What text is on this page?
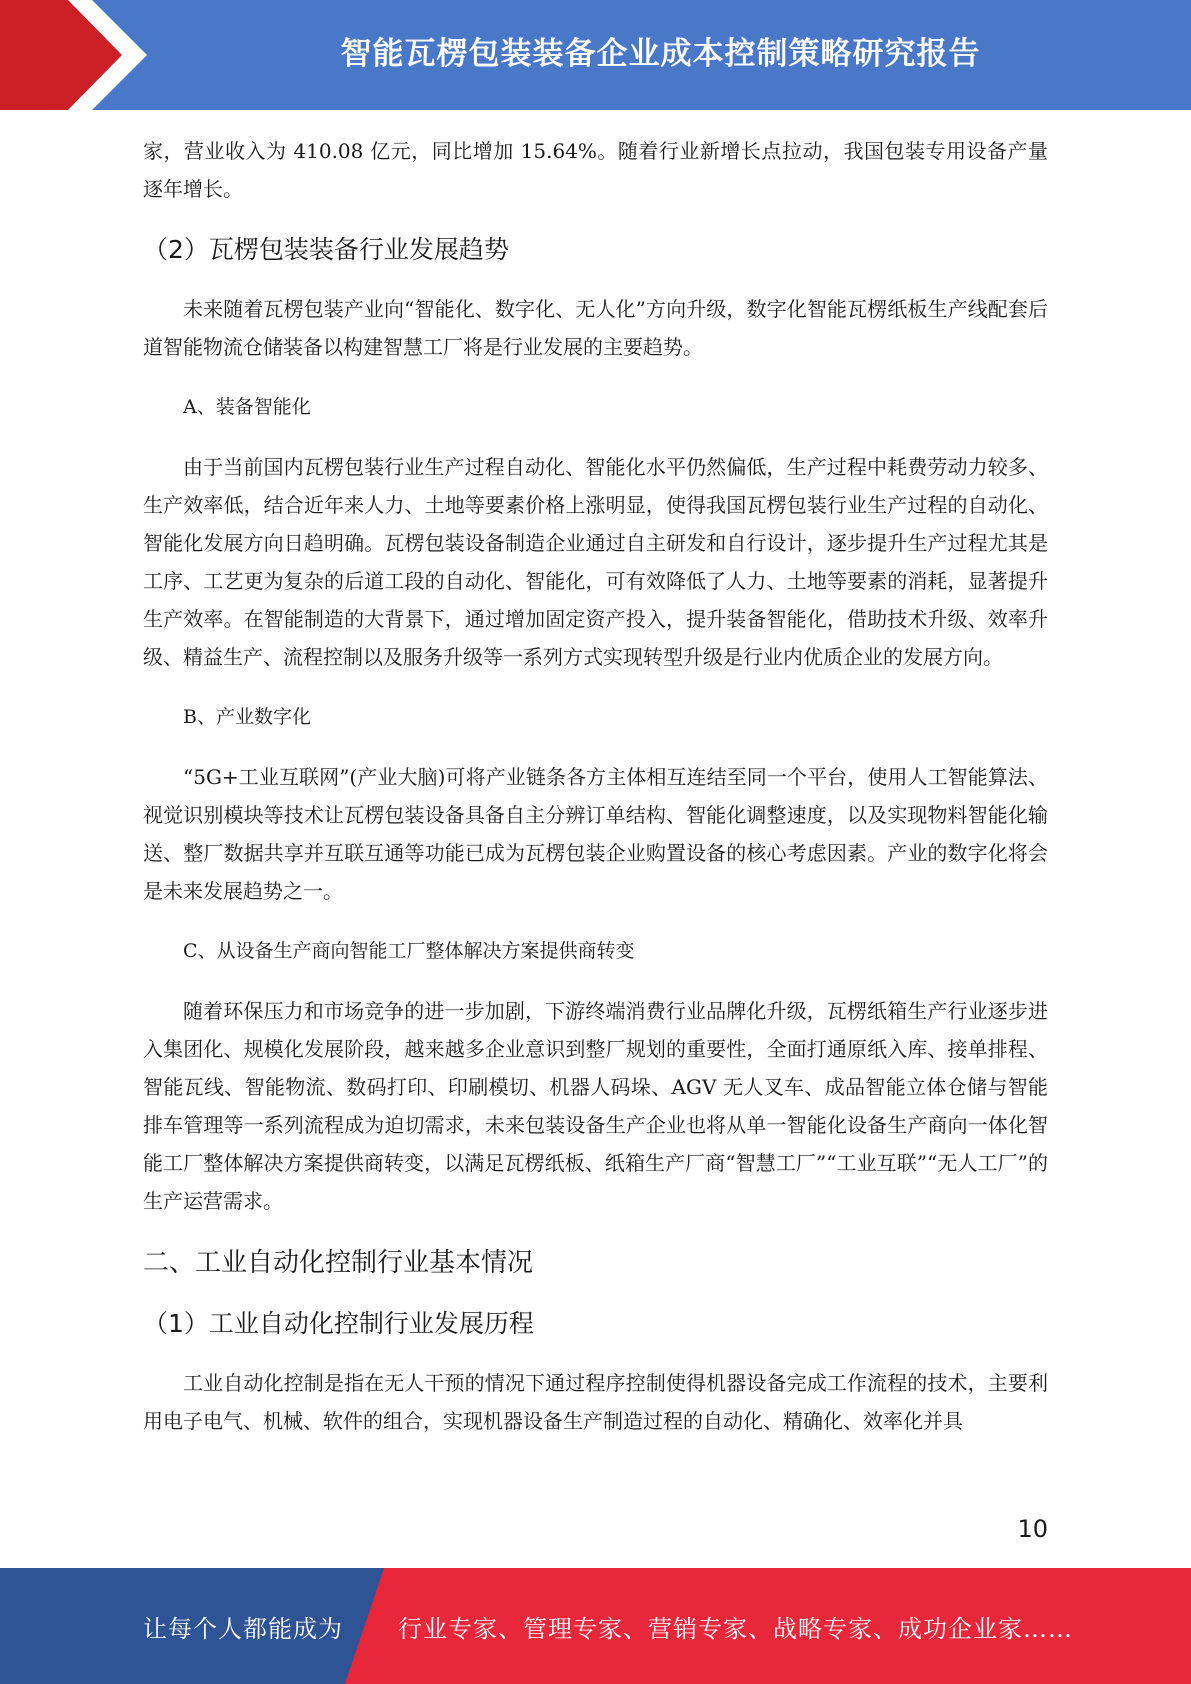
智能瓦楞包装装备企业成本控制策略研究报告

家，营业收入为 410.08 亿元，同比增加 15.64%。随着行业新增长点拉动，我国包装专用设备产量逐年增长。

（2）瓦楞包装装备行业发展趋势

未来随着瓦楞包装产业向“智能化、数字化、无人化”方向升级，数字化智能瓦楞纸板生产线配套后道智能物流仓储装备以构建智慧工厂将是行业发展的主要趋势。

A、装备智能化

由于当前国内瓦楞包装行业生产过程自动化、智能化水平仍然偏低，生产过程中耗费劳动力较多、生产效率低，结合近年来人力、土地等要素价格上涨明显，使得我国瓦楞包装行业生产过程的自动化、智能化发展方向日趋明确。瓦楞包装设备制造企业通过自主研发和自行设计，逐步提升生产过程尤其是工序、工艺更为复杂的后道工段的自动化、智能化，可有效降低了人力、土地等要素的消耗，显著提升生产效率。在智能制造的大背景下，通过增加固定资产投入，提升装备智能化，借助技术升级、效率升级、精益生产、流程控制以及服务升级等一系列方式实现转型升级是行业内优质企业的发展方向。

B、产业数字化

“5G+工业互联网”(产业大脑)可将产业链条各方主体相互连结至同一个平台，使用人工智能算法、视觉识别模块等技术让瓦楞包装设备具备自主分辨订单结构、智能化调整速度，以及实现物料智能化输送、整厂数据共享并互联互通等功能已成为瓦楞包装企业购置设备的核心考虑因素。产业的数字化将会是未来发展趋势之一。

C、从设备生产商向智能工厂整体解决方案提供商转变

随着环保压力和市场竞争的进一步加剧，下游终端消费行业品牌化升级，瓦楞纸箱生产行业逐步进入集团化、规模化发展阶段，越来越多企业意识到整厂规划的重要性，全面打通原纸入库、接单排程、智能瓦线、智能物流、数码打印、印刷模切、机器人码垛、AGV 无人叉车、成品智能立体仓储与智能排车管理等一系列流程成为迫切需求，未来包装设备生产企业也将从单一智能化设备生产商向一体化智能工厂整体解决方案提供商转变，以满足瓦楞纸板、纸箱生产厂商“智慧工厂”“工业互联”“无人工厂”的生产运营需求。

二、工业自动化控制行业基本情况
（1）工业自动化控制行业发展历程

工业自动化控制是指在无人干预的情况下通过程序控制使得机器设备完成工作流程的技术，主要利用电子电气、机械、软件的组合，实现机器设备生产制造过程的自动化、精确化、效率化并具

10
让每个人都能成为 行业专家、管理专家、营销专家、战略专家、成功企业家……
